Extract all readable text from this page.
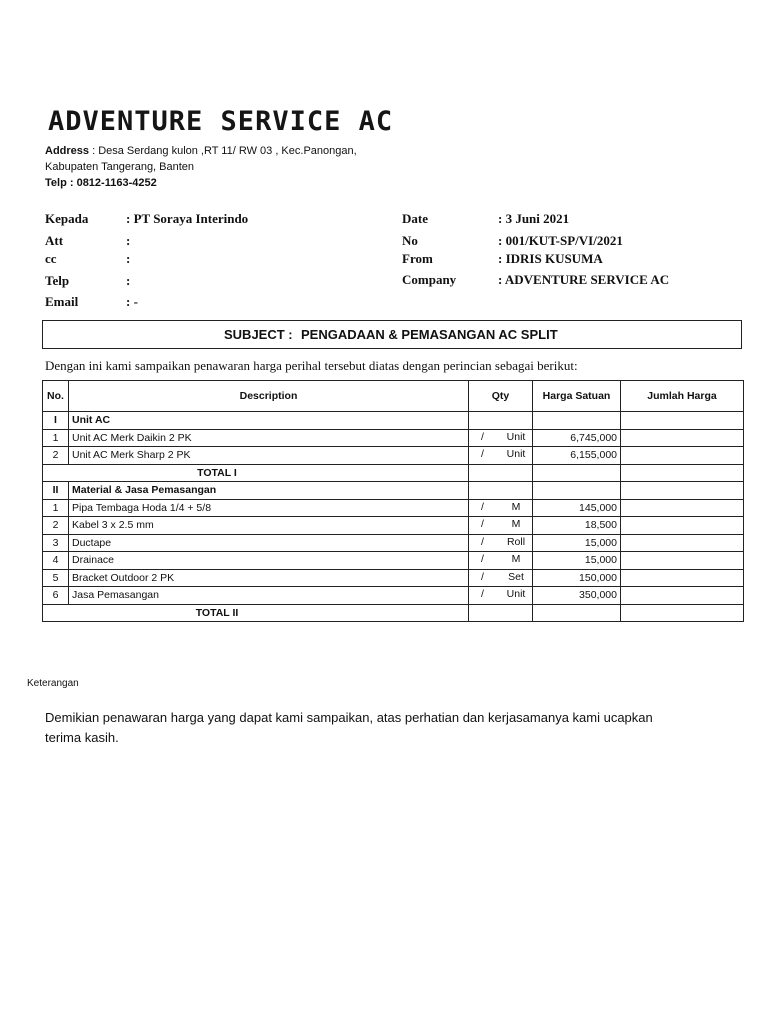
ADVENTURE SERVICE AC
Address : Desa Serdang kulon ,RT 11/ RW 03 , Kec.Panongan,
Kabupaten Tangerang, Banten
Telp : 0812-1163-4252
Kepada	: PT Soraya Interindo
Att	:
cc	:
Telp	:
Email	: -
Date	: 3 Juni 2021
No	: 001/KUT-SP/VI/2021
From	: IDRIS KUSUMA
Company	: ADVENTURE SERVICE AC
SUBJECT : PENGADAAN & PEMASANGAN AC SPLIT
Dengan ini kami sampaikan penawaran harga perihal tersebut diatas dengan perincian sebagai berikut:
No.	Description	Qty	Harga Satuan	Jumlah Harga
I	Unit AC			
1	Unit AC Merk Daikin 2 PK	/ Unit	6,745,000	
2	Unit AC Merk Sharp 2 PK	/ Unit	6,155,000	
TOTAL I				
II	Material & Jasa Pemasangan			
1	Pipa Tembaga Hoda 1/4 + 5/8	/ M	145,000	
2	Kabel 3 x 2.5 mm	/ M	18,500	
3	Ductape	/ Roll	15,000	
4	Drainace	/ M	15,000	
5	Bracket Outdoor 2 PK	/ Set	150,000	
6	Jasa Pemasangan	/ Unit	350,000	
TOTAL II				
Keterangan
Demikian penawaran harga yang dapat kami sampaikan, atas perhatian dan kerjasamanya kami ucapkan terima kasih.
